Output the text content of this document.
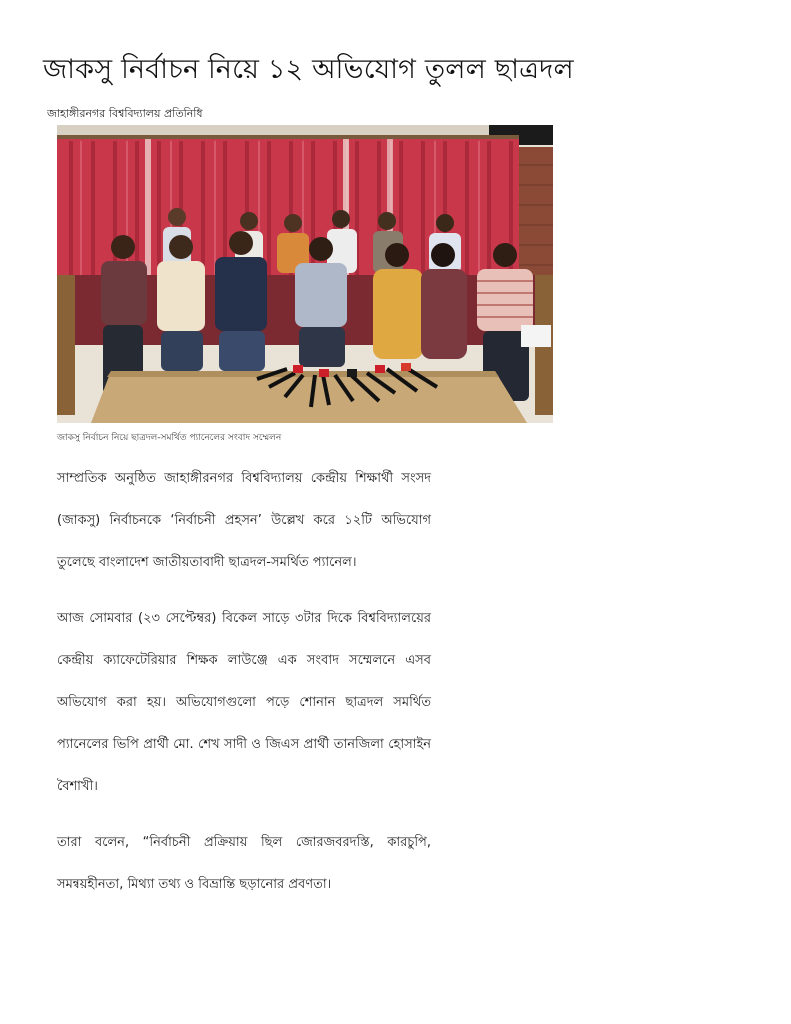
জাকসু নির্বাচন নিয়ে ১২ অভিযোগ তুলল ছাত্রদল
জাহাঙ্গীরনগর বিশ্ববিদ্যালয় প্রতিনিধি
জাকসু নির্বাচন নিয়ে ছাত্রদল-সমর্থিত প্যানেলের সংবাদ সম্মেলন

সাম্প্রতিক অনুষ্ঠিত জাহাঙ্গীরনগর বিশ্ববিদ্যালয় কেন্দ্রীয় শিক্ষার্থী সংসদ (জাকসু) নির্বাচনকে ‘নির্বাচনী প্রহসন’ উল্লেখ করে ১২টি অভিযোগ তুলেছে বাংলাদেশ জাতীয়তাবাদী ছাত্রদল-সমর্থিত প্যানেল।

আজ সোমবার (২৩ সেপ্টেম্বর) বিকেল সাড়ে ৩টার দিকে বিশ্ববিদ্যালয়ের কেন্দ্রীয় ক্যাফেটেরিয়ার শিক্ষক লাউঞ্জে এক সংবাদ সম্মেলনে এসব অভিযোগ করা হয়। অভিযোগগুলো পড়ে শোনান ছাত্রদল সমর্থিত প্যানেলের ভিপি প্রার্থী মো. শেখ সাদী ও জিএস প্রার্থী তানজিলা হোসাইন বৈশাখী।

তারা বলেন, “নির্বাচনী প্রক্রিয়ায় ছিল জোরজবরদস্তি, কারচুপি, সমন্বয়হীনতা, মিথ্যা তথ্য ও বিভ্রান্তি ছড়ানোর প্রবণতা।
